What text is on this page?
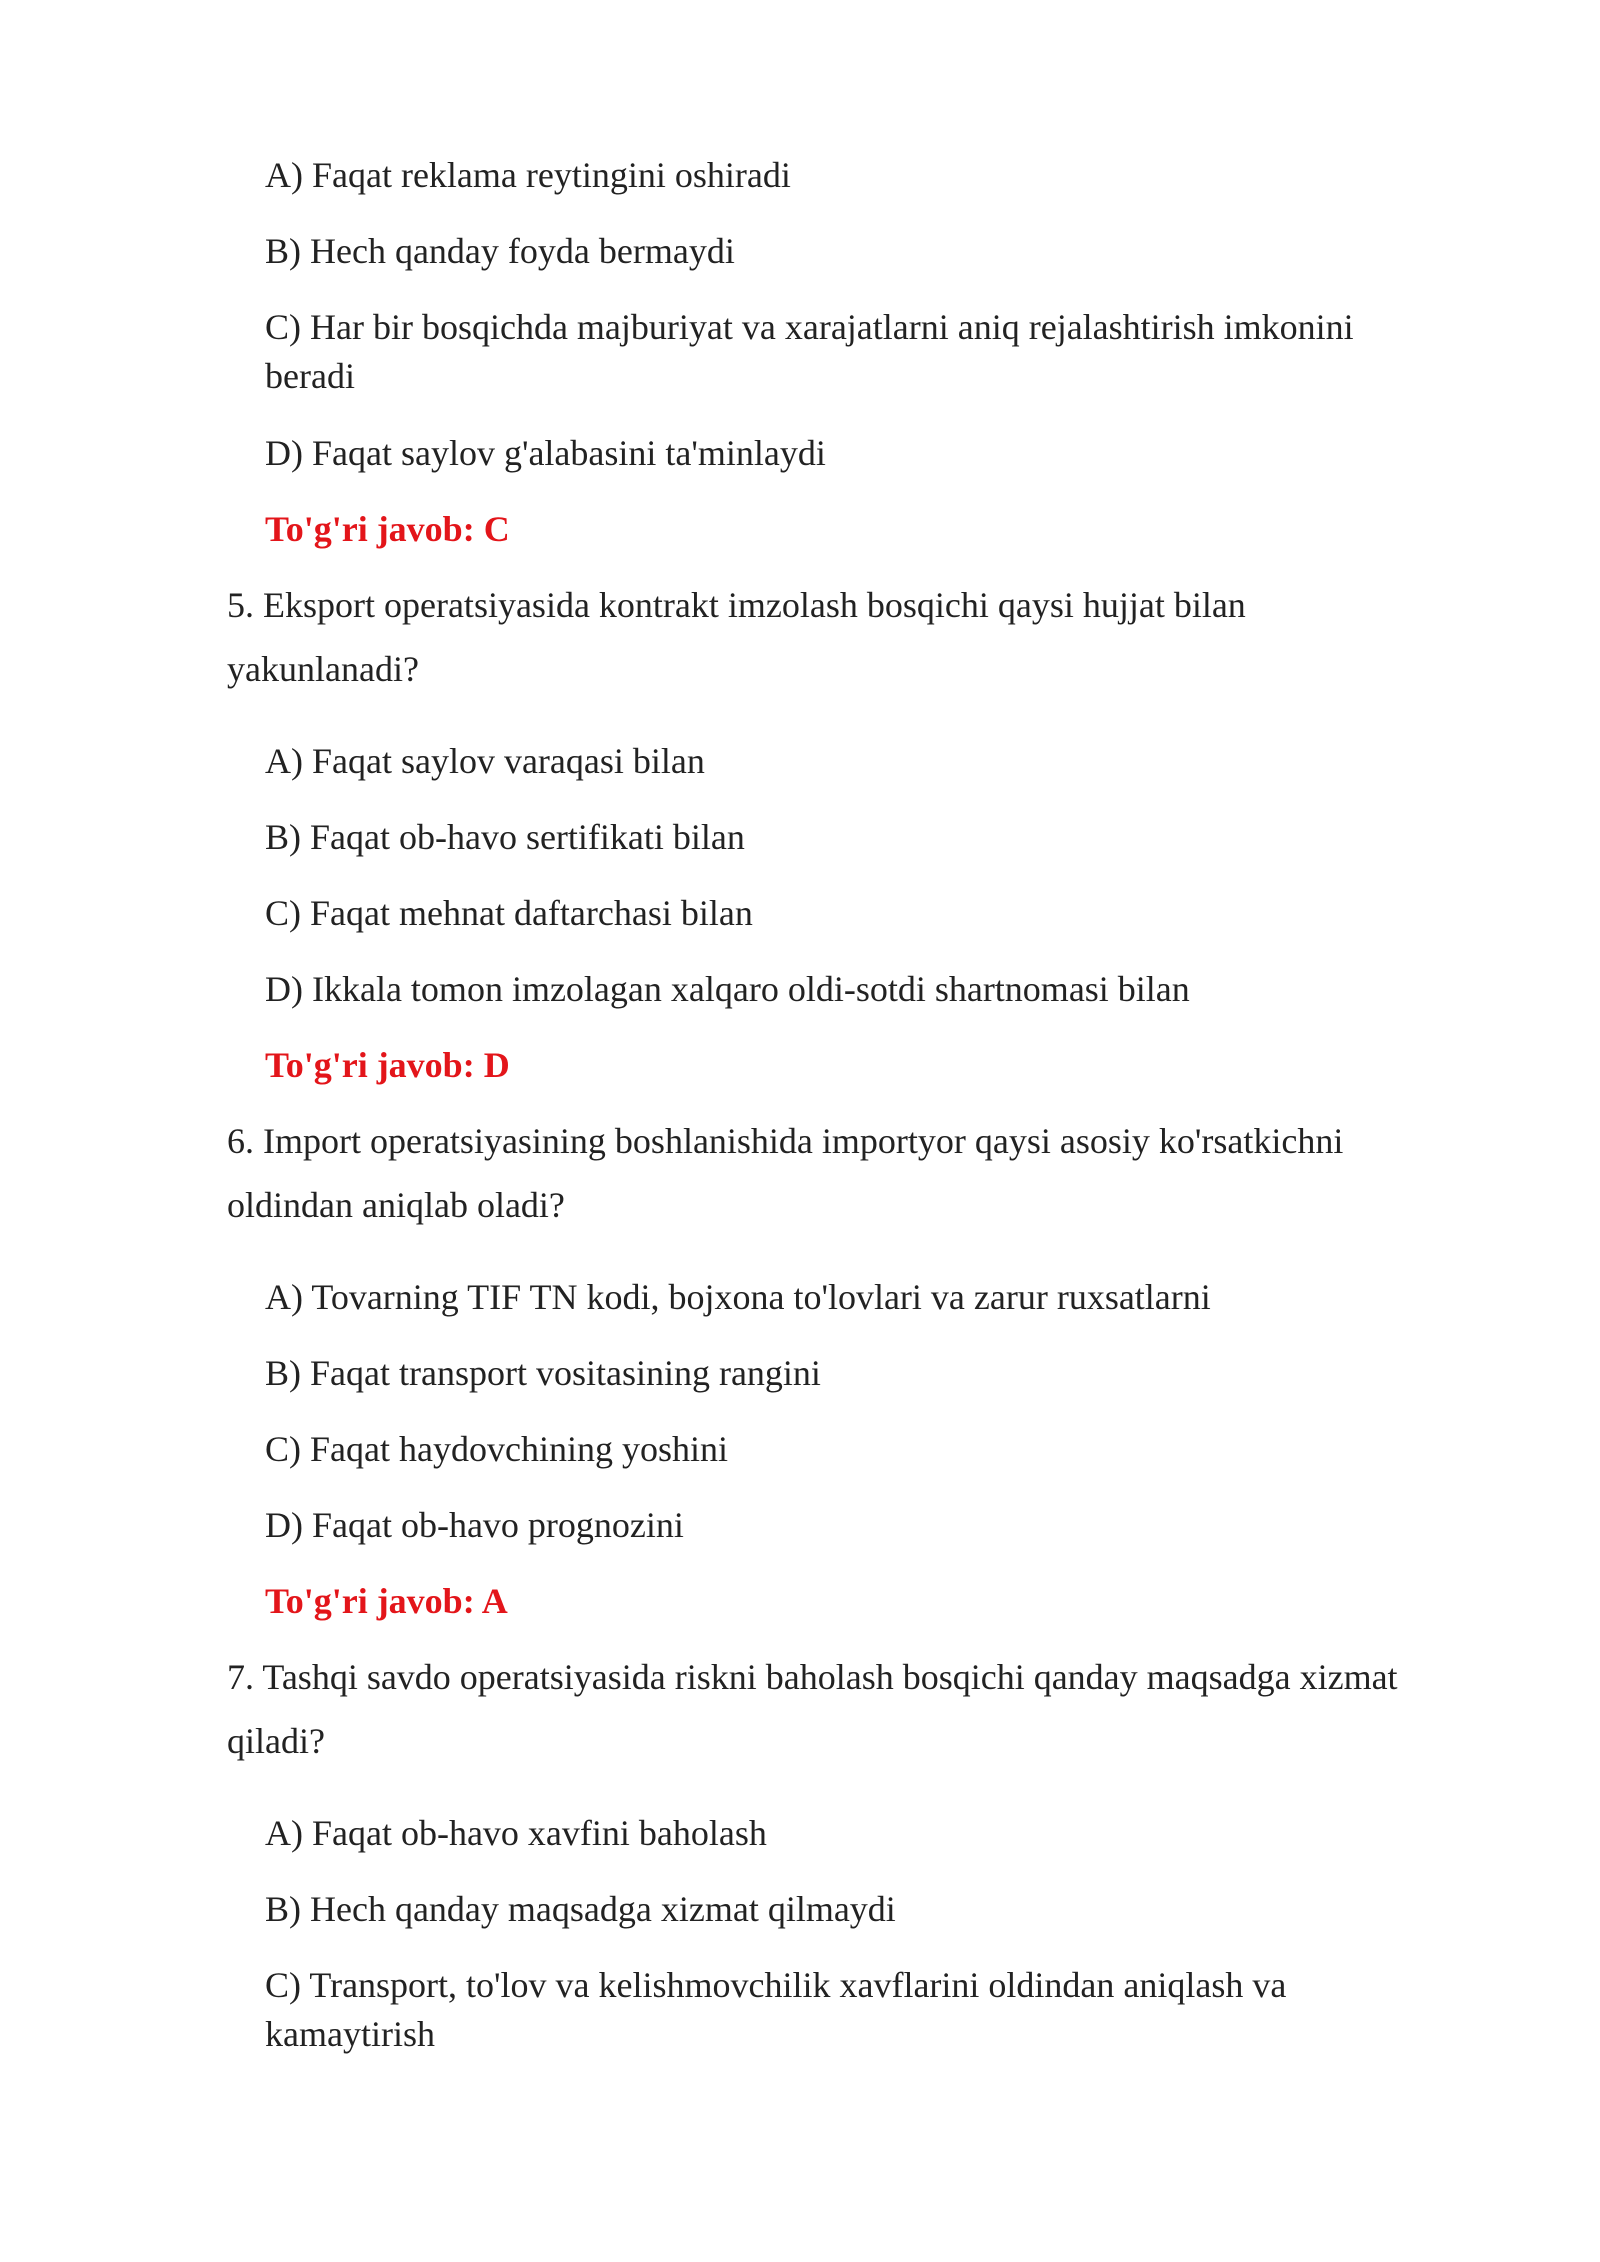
A) Faqat reklama reytingini oshiradi
B) Hech qanday foyda bermaydi
C) Har bir bosqichda majburiyat va xarajatlarni aniq rejalashtirish imkonini
beradi
D) Faqat saylov g'alabasini ta'minlaydi
To'g'ri javob: C
5. Eksport operatsiyasida kontrakt imzolash bosqichi qaysi hujjat bilan
yakunlanadi?
A) Faqat saylov varaqasi bilan
B) Faqat ob-havo sertifikati bilan
C) Faqat mehnat daftarchasi bilan
D) Ikkala tomon imzolagan xalqaro oldi-sotdi shartnomasi bilan
To'g'ri javob: D
6. Import operatsiyasining boshlanishida importyor qaysi asosiy ko'rsatkichni
oldindan aniqlab oladi?
A) Tovarning TIF TN kodi, bojxona to'lovlari va zarur ruxsatlarni
B) Faqat transport vositasining rangini
C) Faqat haydovchining yoshini
D) Faqat ob-havo prognozini
To'g'ri javob: A
7. Tashqi savdo operatsiyasida riskni baholash bosqichi qanday maqsadga xizmat
qiladi?
A) Faqat ob-havo xavfini baholash
B) Hech qanday maqsadga xizmat qilmaydi
C) Transport, to'lov va kelishmovchilik xavflarini oldindan aniqlash va
kamaytirish
